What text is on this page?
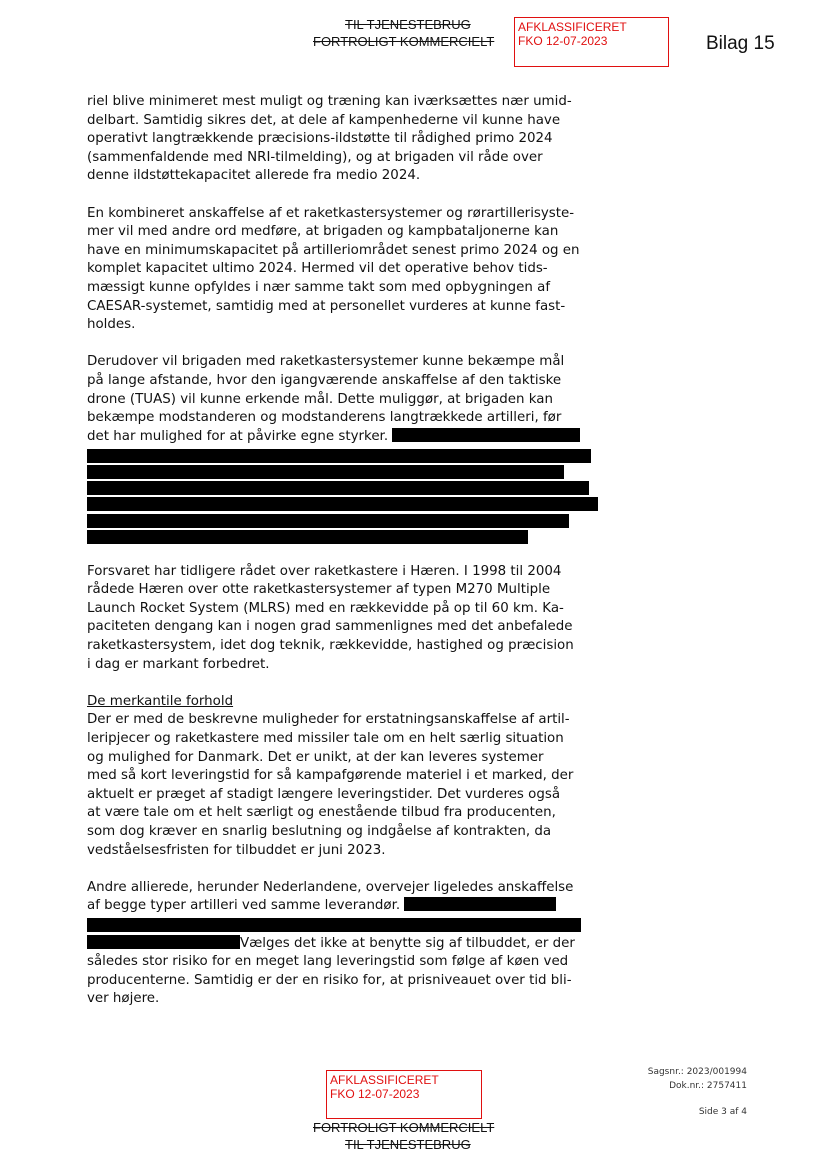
TIL TJENESTEBRUG
FORTROLIGT KOMMERCIELT
AFKLASSIFICERET
FKO 12-07-2023	Bilag 15
riel blive minimeret mest muligt og træning kan iværksættes nær umid-
delbart. Samtidig sikres det, at dele af kampenhederne vil kunne have
operativt langtrækkende præcisions-ildstøtte til rådighed primo 2024
(sammenfaldende med NRI-tilmelding), og at brigaden vil råde over
denne ildstøttekapacitet allerede fra medio 2024.
En kombineret anskaffelse af et raketkastersystemer og rørartillerisyste-
mer vil med andre ord medføre, at brigaden og kampbataljonerne kan
have en minimumskapacitet på artilleriområdet senest primo 2024 og en
komplet kapacitet ultimo 2024. Hermed vil det operative behov tids-
mæssigt kunne opfyldes i nær samme takt som med opbygningen af
CAESAR-systemet, samtidig med at personellet vurderes at kunne fast-
holdes.
Derudover vil brigaden med raketkastersystemer kunne bekæmpe mål
på lange afstande, hvor den igangværende anskaffelse af den taktiske
drone (TUAS) vil kunne erkende mål. Dette muliggør, at brigaden kan
bekæmpe modstanderen og modstanderens langtrækkede artilleri, før
det har mulighed for at påvirke egne styrker.
Forsvaret har tidligere rådet over raketkastere i Hæren. I 1998 til 2004
rådede Hæren over otte raketkastersystemer af typen M270 Multiple
Launch Rocket System (MLRS) med en rækkevidde på op til 60 km. Ka-
paciteten dengang kan i nogen grad sammenlignes med det anbefalede
raketkastersystem, idet dog teknik, rækkevidde, hastighed og præcision
i dag er markant forbedret.
De merkantile forhold
Der er med de beskrevne muligheder for erstatningsanskaffelse af artil-
leripjecer og raketkastere med missiler tale om en helt særlig situation
og mulighed for Danmark. Det er unikt, at der kan leveres systemer
med så kort leveringstid for så kampafgørende materiel i et marked, der
aktuelt er præget af stadigt længere leveringstider. Det vurderes også
at være tale om et helt særligt og enestående tilbud fra producenten,
som dog kræver en snarlig beslutning og indgåelse af kontrakten, da
vedståelsesfristen for tilbuddet er juni 2023.
Andre allierede, herunder Nederlandene, overvejer ligeledes anskaffelse
af begge typer artilleri ved samme leverandør.
Vælges det ikke at benytte sig af tilbuddet, er der
således stor risiko for en meget lang leveringstid som følge af køen ved
producenterne. Samtidig er der en risiko for, at prisniveauet over tid bli-
ver højere.
Sagsnr.: 2023/001994
Dok.nr.: 2757411
Side 3 af 4
AFKLASSIFICERET
FKO 12-07-2023
FORTROLIGT KOMMERCIELT
TIL TJENESTEBRUG
